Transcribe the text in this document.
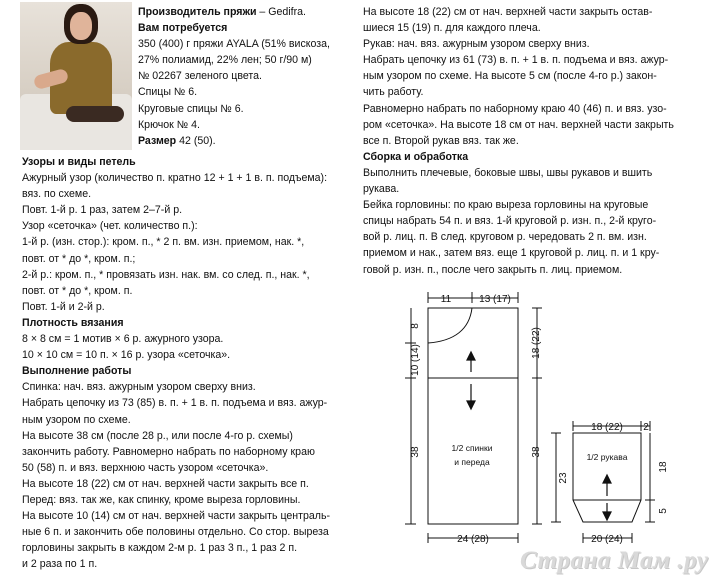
Производитель пряжи – Gedifra.
Вам потребуется
350 (400) г пряжи AYALA (51% вискоза,
27% полиамид, 22% лен; 50 г/90 м)
№ 02267 зеленого цвета.
Спицы № 6.
Круговые спицы № 6.
Крючок № 4.
Размер 42 (50).
Узоры и виды петель
Ажурный узор (количество п. кратно 12 + 1 + 1 в. п. подъема):
вяз. по схеме.
Повт. 1-й р. 1 раз, затем 2–7-й р.
Узор «сеточка» (чет. количество п.):
1-й р. (изн. стор.): кром. п., * 2 п. вм. изн. приемом, нак. *,
повт. от * до *, кром. п.;
2-й р.: кром. п., * провязать изн. нак. вм. со след. п., нак. *,
повт. от * до *, кром. п.
Повт. 1-й и 2-й р.
Плотность вязания
8 × 8 см = 1 мотив × 6 р. ажурного узора.
10 × 10 см = 10 п. × 16 р. узора «сеточка».
Выполнение работы
Спинка: нач. вяз. ажурным узором сверху вниз.
Набрать цепочку из 73 (85) в. п. + 1 в. п. подъема и вяз. ажур-
ным узором по схеме.
На высоте 38 см (после 28 р., или после 4-го р. схемы)
закончить работу. Равномерно набрать по наборному краю
50 (58) п. и вяз. верхнюю часть узором «сеточка».
На высоте 18 (22) см от нач. верхней части закрыть все п.
Перед: вяз. так же, как спинку, кроме выреза горловины.
На высоте 10 (14) см от нач. верхней части закрыть централь-
ные 6 п. и закончить обе половины отдельно. Со стор. выреза
горловины закрыть в каждом 2-м р. 1 раз 3 п., 1 раз 2 п.
и 2 раза по 1 п.
На высоте 18 (22) см от нач. верхней части закрыть остав-
шиеся 15 (19) п. для каждого плеча.
Рукав: нач. вяз. ажурным узором сверху вниз.
Набрать цепочку из 61 (73) в. п. + 1 в. п. подъема и вяз. ажур-
ным узором по схеме. На высоте 5 см (после 4-го р.) закон-
чить работу.
Равномерно набрать по наборному краю 40 (46) п. и вяз. узо-
ром «сеточка». На высоте 18 см от нач. верхней части закрыть
все п. Второй рукав вяз. так же.
Сборка и обработка
Выполнить плечевые, боковые швы, швы рукавов и вшить
рукава.
Бейка горловины: по краю выреза горловины на круговые
спицы набрать 54 п. и вяз. 1-й круговой р. изн. п., 2-й круго-
вой р. лиц. п. В след. круговом р. чередовать 2 п. вм. изн.
приемом и нак., затем вяз. еще 1 круговой р. лиц. п. и 1 кру-
говой р. изн. п., после чего закрыть п. лиц. приемом.
11	13 (17)
8
10 (14)
18 (22)
38	38
1/2 спинки
и переда
24 (28)
18 (22) 2
18
23
5
1/2 рукава
20 (24)
Страна Мам .ру
